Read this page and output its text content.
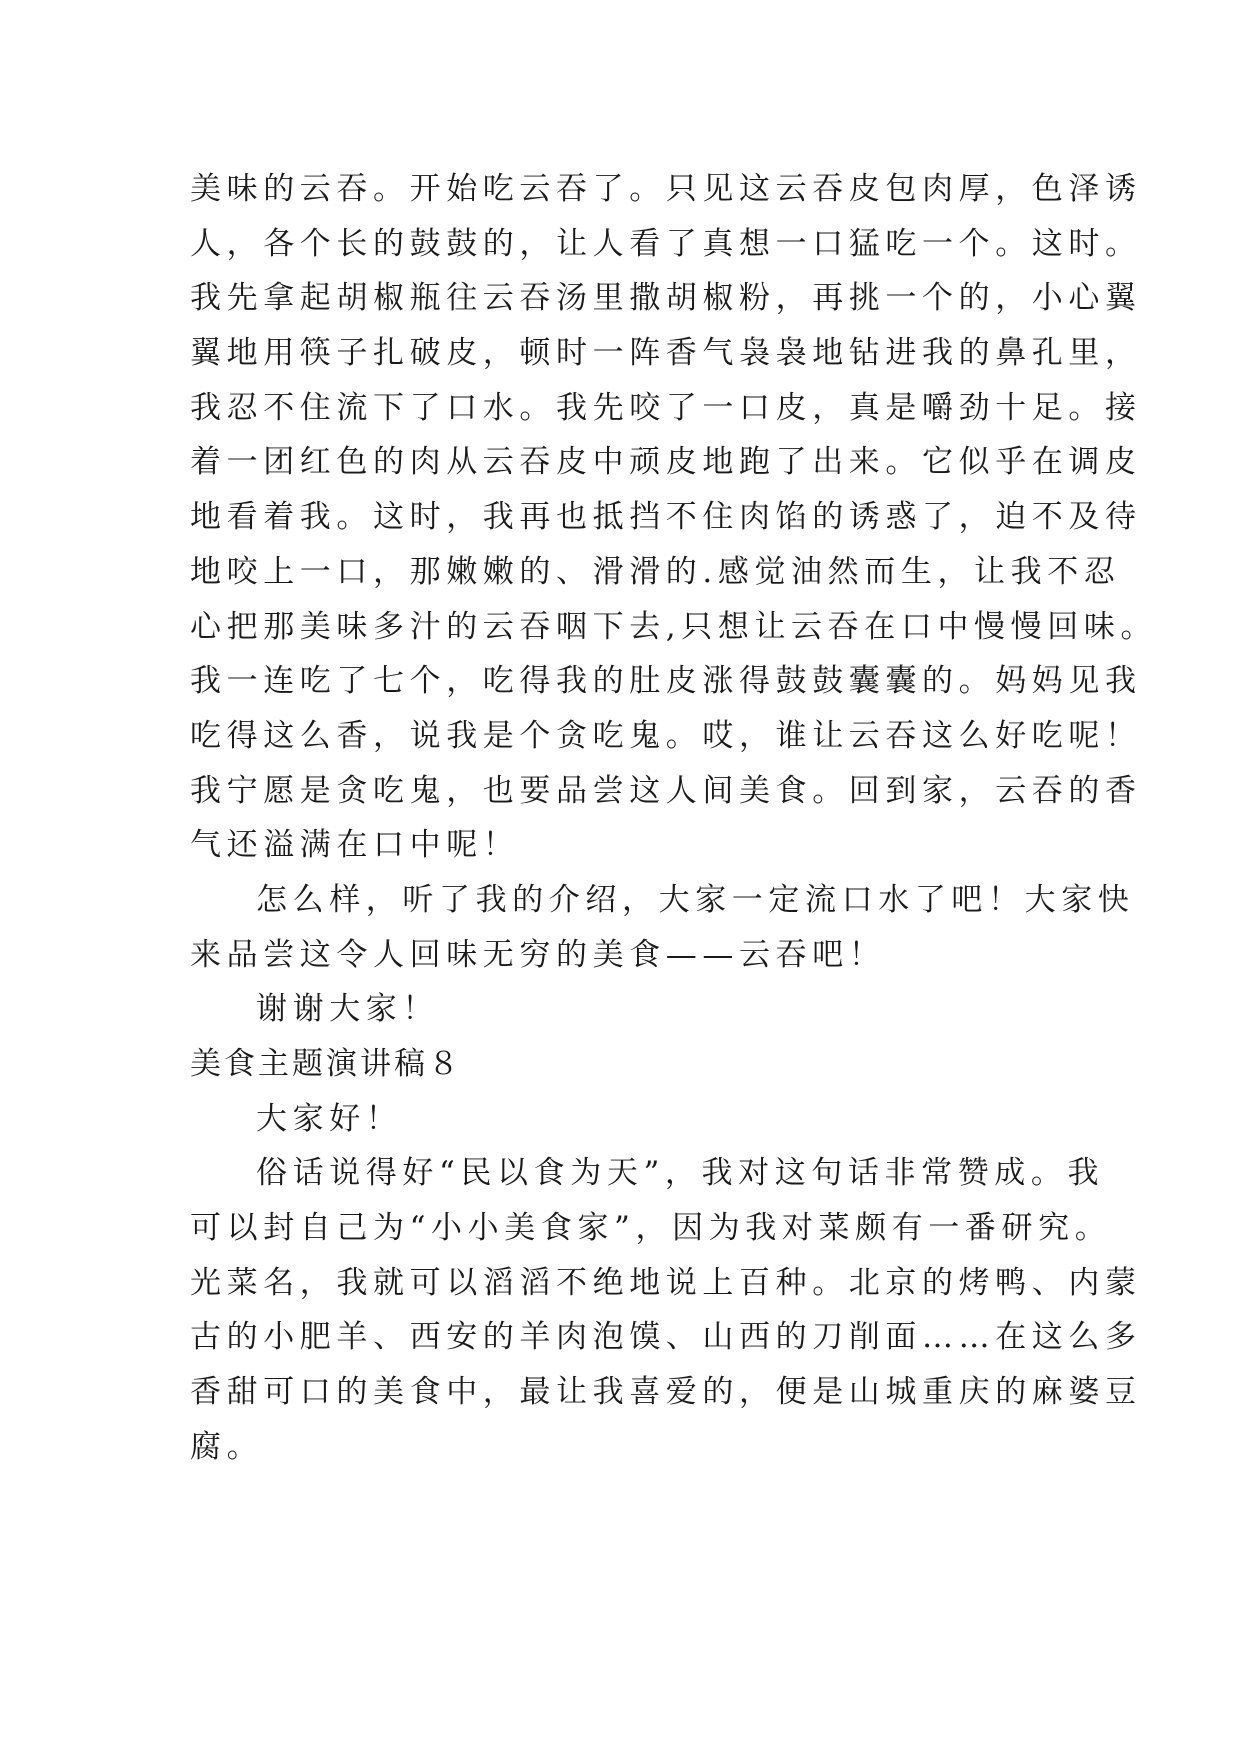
美味的云吞。开始吃云吞了。只见这云吞皮包肉厚，色泽诱
人，各个长的鼓鼓的，让人看了真想一口猛吃一个。这时。
我先拿起胡椒瓶往云吞汤里撒胡椒粉，再挑一个的，小心翼
翼地用筷子扎破皮，顿时一阵香气袅袅地钻进我的鼻孔里，
我忍不住流下了口水。我先咬了一口皮，真是嚼劲十足。接
着一团红色的肉从云吞皮中顽皮地跑了出来。它似乎在调皮
地看着我。这时，我再也抵挡不住肉馅的诱惑了，迫不及待
地咬上一口，那嫩嫩的、滑滑的.感觉油然而生，让我不忍
心把那美味多汁的云吞咽下去,只想让云吞在口中慢慢回味。
我一连吃了七个，吃得我的肚皮涨得鼓鼓囊囊的。妈妈见我
吃得这么香，说我是个贪吃鬼。哎，谁让云吞这么好吃呢！
我宁愿是贪吃鬼，也要品尝这人间美食。回到家，云吞的香
气还溢满在口中呢！
怎么样，听了我的介绍，大家一定流口水了吧！大家快
来品尝这令人回味无穷的美食——云吞吧！
谢谢大家！
美食主题演讲稿８
大家好！
俗话说得好“民以食为天”，我对这句话非常赞成。我
可以封自己为“小小美食家”，因为我对菜颇有一番研究。
光菜名，我就可以滔滔不绝地说上百种。北京的烤鸭、内蒙
古的小肥羊、西安的羊肉泡馍、山西的刀削面……在这么多
香甜可口的美食中，最让我喜爱的，便是山城重庆的麻婆豆
腐。
